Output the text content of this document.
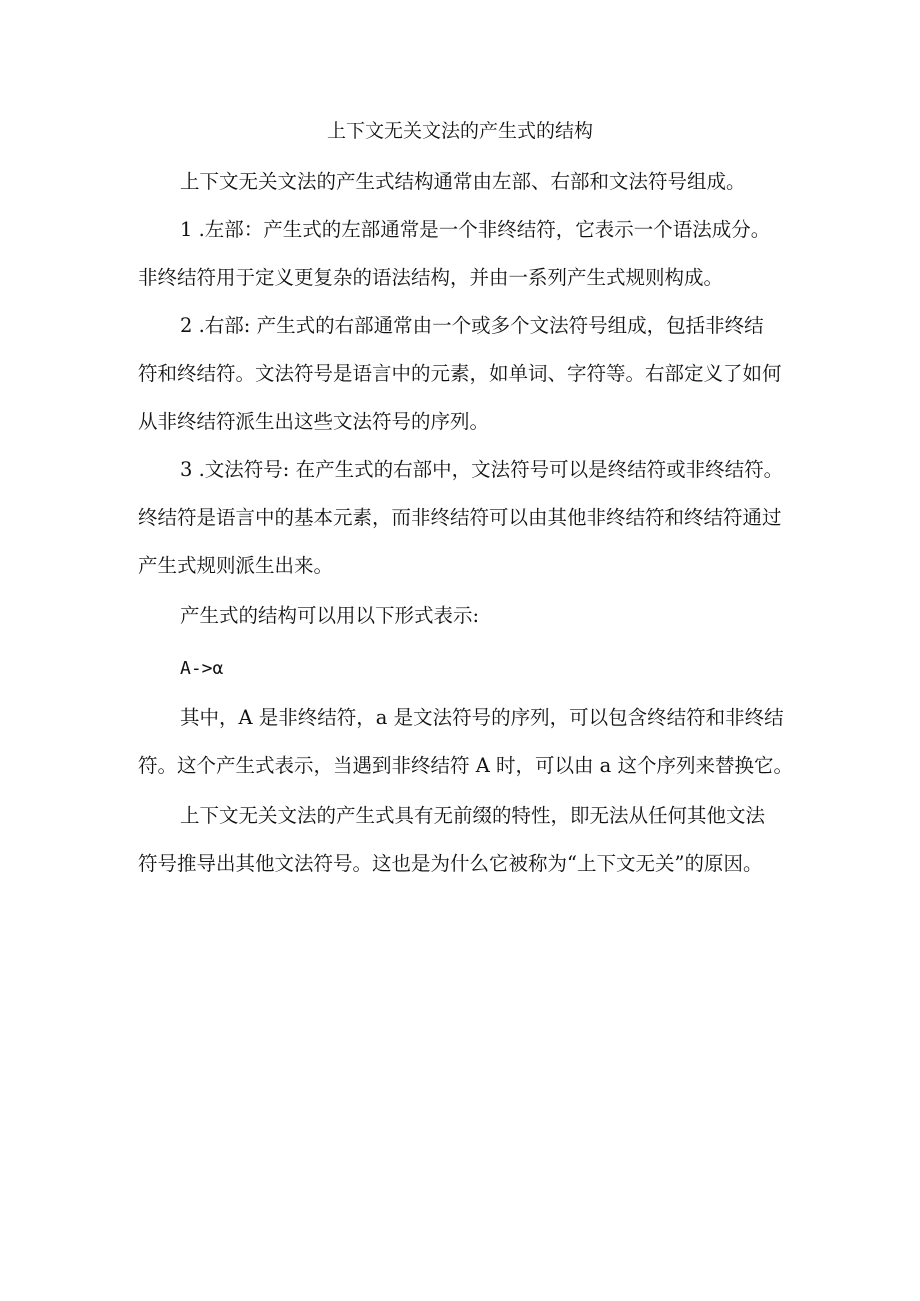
上下文无关文法的产生式的结构

上下文无关文法的产生式结构通常由左部、右部和文法符号组成。

1 .左部：产生式的左部通常是一个非终结符，它表示一个语法成分。
非终结符用于定义更复杂的语法结构，并由一系列产生式规则构成。

2 .右部: 产生式的右部通常由一个或多个文法符号组成，包括非终结
符和终结符。文法符号是语言中的元素，如单词、字符等。右部定义了如何
从非终结符派生出这些文法符号的序列。

3 .文法符号: 在产生式的右部中，文法符号可以是终结符或非终结符。
终结符是语言中的基本元素，而非终结符可以由其他非终结符和终结符通过
产生式规则派生出来。

产生式的结构可以用以下形式表示:

A->α

其中，A 是非终结符，a 是文法符号的序列，可以包含终结符和非终结
符。这个产生式表示，当遇到非终结符 A 时，可以由 a 这个序列来替换它。

上下文无关文法的产生式具有无前缀的特性，即无法从任何其他文法
符号推导出其他文法符号。这也是为什么它被称为“上下文无关”的原因。
